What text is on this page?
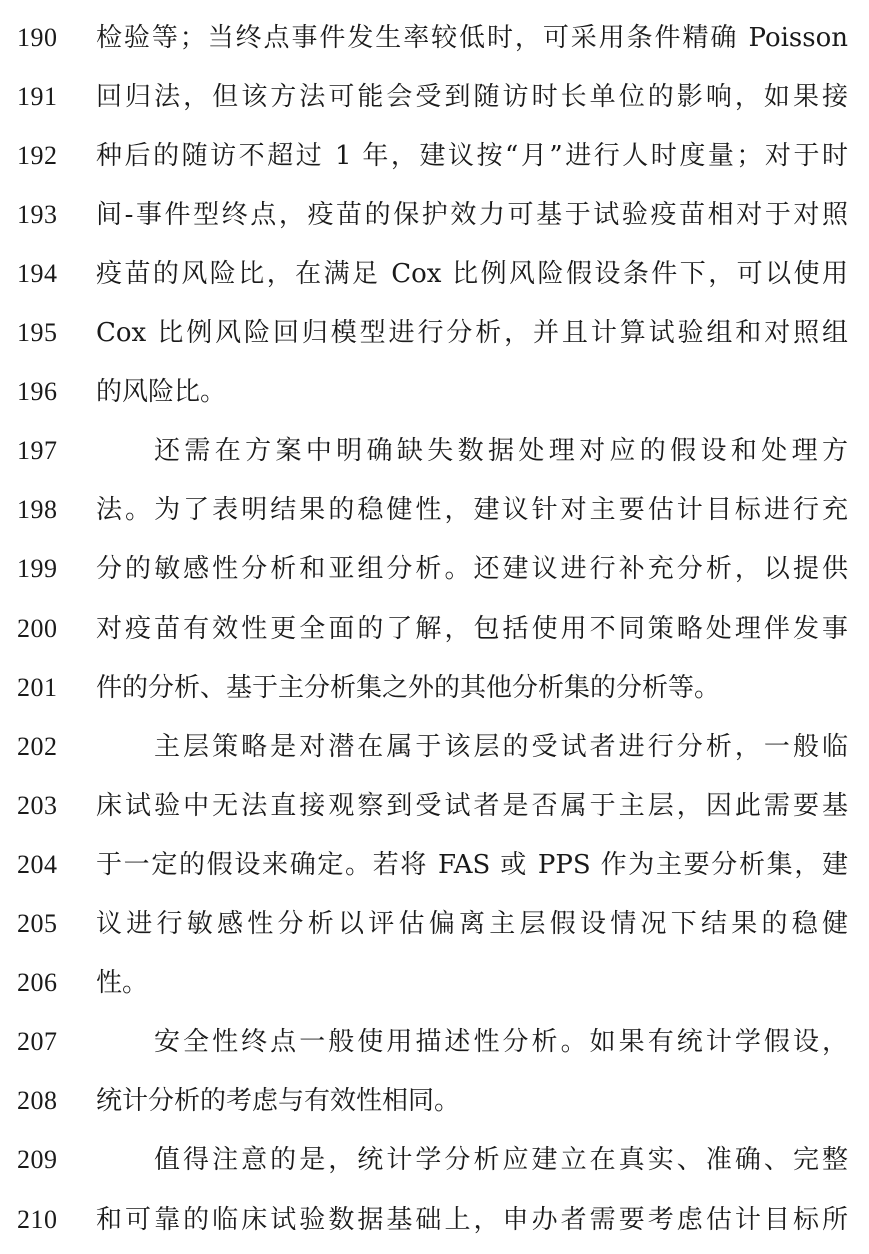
190	检验等；当终点事件发生率较低时，可采用条件精确 Poisson
191	回归法，但该方法可能会受到随访时长单位的影响，如果接
192	种后的随访不超过 1 年，建议按“月”进行人时度量；对于时
193	间-事件型终点，疫苗的保护效力可基于试验疫苗相对于对照
194	疫苗的风险比，在满足 Cox 比例风险假设条件下，可以使用
195	Cox 比例风险回归模型进行分析，并且计算试验组和对照组
196	的风险比。
197	还需在方案中明确缺失数据处理对应的假设和处理方
198	法。为了表明结果的稳健性，建议针对主要估计目标进行充
199	分的敏感性分析和亚组分析。还建议进行补充分析，以提供
200	对疫苗有效性更全面的了解，包括使用不同策略处理伴发事
201	件的分析、基于主分析集之外的其他分析集的分析等。
202	主层策略是对潜在属于该层的受试者进行分析，一般临
203	床试验中无法直接观察到受试者是否属于主层，因此需要基
204	于一定的假设来确定。若将 FAS 或 PPS 作为主要分析集，建
205	议进行敏感性分析以评估偏离主层假设情况下结果的稳健
206	性。
207	安全性终点一般使用描述性分析。如果有统计学假设，
208	统计分析的考虑与有效性相同。
209	值得注意的是，统计学分析应建立在真实、准确、完整
210	和可靠的临床试验数据基础上，申办者需要考虑估计目标所
